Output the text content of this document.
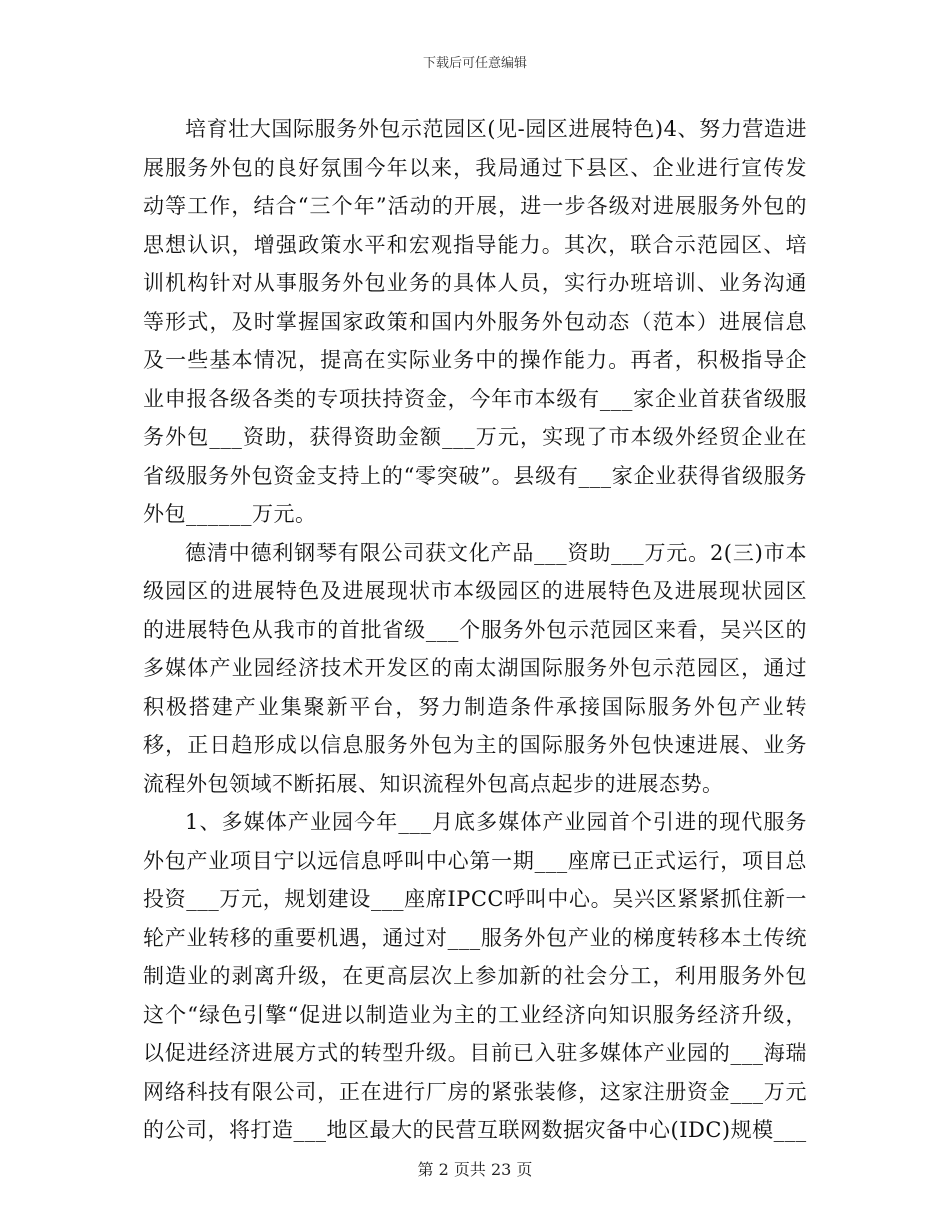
下载后可任意编辑

培育壮大国际服务外包示范园区(见-园区进展特色)4、努力营造进展服务外包的良好氛围今年以来，我局通过下县区、企业进行宣传发动等工作，结合“三个年”活动的开展，进一步各级对进展服务外包的思想认识，增强政策水平和宏观指导能力。其次，联合示范园区、培训机构针对从事服务外包业务的具体人员，实行办班培训、业务沟通等形式，及时掌握国家政策和国内外服务外包动态（范本）进展信息及一些基本情况，提高在实际业务中的操作能力。再者，积极指导企业申报各级各类的专项扶持资金，今年市本级有___家企业首获省级服务外包___资助，获得资助金额___万元，实现了市本级外经贸企业在省级服务外包资金支持上的“零突破”。县级有___家企业获得省级服务外包______万元。

德清中德利钢琴有限公司获文化产品___资助___万元。2(三)市本级园区的进展特色及进展现状市本级园区的进展特色及进展现状园区的进展特色从我市的首批省级___个服务外包示范园区来看，吴兴区的多媒体产业园经济技术开发区的南太湖国际服务外包示范园区，通过积极搭建产业集聚新平台，努力制造条件承接国际服务外包产业转移，正日趋形成以信息服务外包为主的国际服务外包快速进展、业务流程外包领域不断拓展、知识流程外包高点起步的进展态势。

1、多媒体产业园今年___月底多媒体产业园首个引进的现代服务外包产业项目宁以远信息呼叫中心第一期___座席已正式运行，项目总投资___万元，规划建设___座席IPCC呼叫中心。吴兴区紧紧抓住新一轮产业转移的重要机遇，通过对___服务外包产业的梯度转移本土传统制造业的剥离升级，在更高层次上参加新的社会分工，利用服务外包这个“绿色引擎“促进以制造业为主的工业经济向知识服务经济升级，以促进经济进展方式的转型升级。目前已入驻多媒体产业园的___海瑞网络科技有限公司，正在进行厂房的紧张装修，这家注册资金___万元的公司，将打造___地区最大的民营互联网数据灾备中心(IDC)规模___

第 2 页共 23 页
